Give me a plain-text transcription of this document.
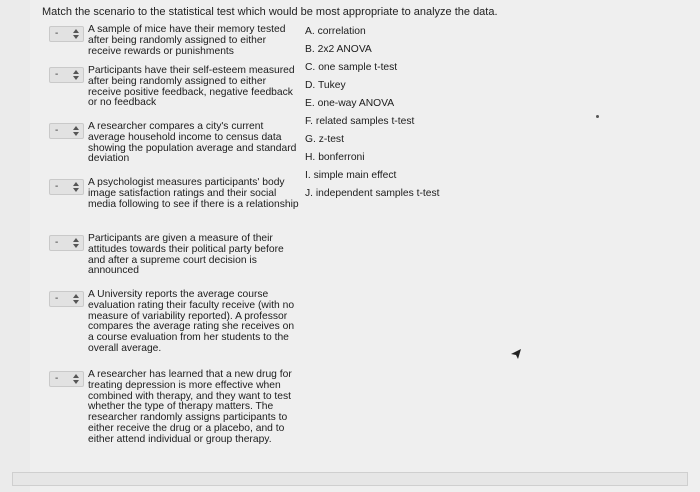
Match the scenario to the statistical test which would be most appropriate to analyze the data.
-	A sample of mice have their memory tested after being randomly assigned to either receive rewards or punishments
-	Participants have their self-esteem measured after being randomly assigned to either receive positive feedback, negative feedback or no feedback
-	A researcher compares a city's current average household income to census data showing the population average and standard deviation
-	A psychologist measures participants' body image satisfaction ratings and their social media following to see if there is a relationship
-	Participants are given a measure of their attitudes towards their political party before and after a supreme court decision is announced
-	A University reports the average course evaluation rating their faculty receive (with no measure of variability reported). A professor compares the average rating she receives on a course evaluation from her students to the overall average.
-	A researcher has learned that a new drug for treating depression is more effective when combined with therapy, and they want to test whether the type of therapy matters. The researcher randomly assigns participants to either receive the drug or a placebo, and to either attend individual or group therapy.
A. correlation
B. 2x2 ANOVA
C. one sample t-test
D. Tukey
E. one-way ANOVA
F. related samples t-test
G. z-test
H. bonferroni
I. simple main effect
J. independent samples t-test
